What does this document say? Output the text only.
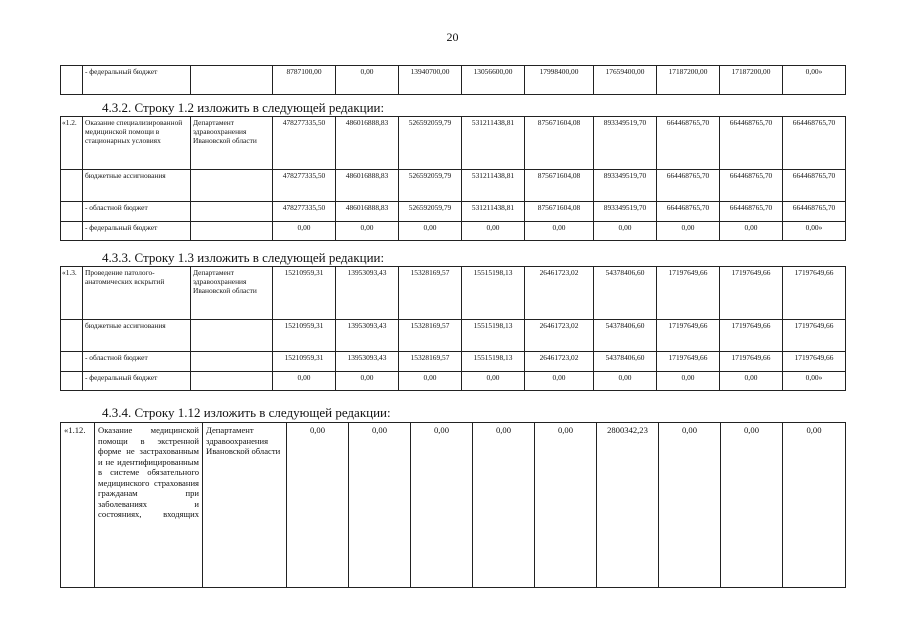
20
	- федеральный бюджет		8787100,00	0,00	13940700,00	13056600,00	17998400,00	17659400,00	17187200,00	17187200,00	0,00»
4.3.2. Строку 1.2 изложить в следующей редакции:
«1.2.	Оказание специализированной медицинской помощи в стационарных условиях	Департамент здравоохранения Ивановской области	478277335,50	486016888,83	526592059,79	531211438,81	875671604,08	893349519,70	664468765,70	664468765,70	664468765,70
	бюджетные ассигнования		478277335,50	486016888,83	526592059,79	531211438,81	875671604,08	893349519,70	664468765,70	664468765,70	664468765,70
	- областной бюджет		478277335,50	486016888,83	526592059,79	531211438,81	875671604,08	893349519,70	664468765,70	664468765,70	664468765,70
	- федеральный бюджет		0,00	0,00	0,00	0,00	0,00	0,00	0,00	0,00	0,00»
4.3.3. Строку 1.3 изложить в следующей редакции:
«1.3.	Проведение патолого-анатомических вскрытий	Департамент здравоохранения Ивановской области	15210959,31	13953093,43	15328169,57	15515198,13	26461723,02	54378406,60	17197649,66	17197649,66	17197649,66
	бюджетные ассигнования		15210959,31	13953093,43	15328169,57	15515198,13	26461723,02	54378406,60	17197649,66	17197649,66	17197649,66
	- областной бюджет		15210959,31	13953093,43	15328169,57	15515198,13	26461723,02	54378406,60	17197649,66	17197649,66	17197649,66
	- федеральный бюджет		0,00	0,00	0,00	0,00	0,00	0,00	0,00	0,00	0,00»
4.3.4. Строку 1.12 изложить в следующей редакции:
«1.12.	Оказание медицинской помощи в экстренной форме не застрахованным и не идентифицированным в системе обязательного медицинского страхования гражданам при заболеваниях и состояниях, входящих	Департамент здравоохранения Ивановской области	0,00	0,00	0,00	0,00	0,00	2800342,23	0,00	0,00	0,00
